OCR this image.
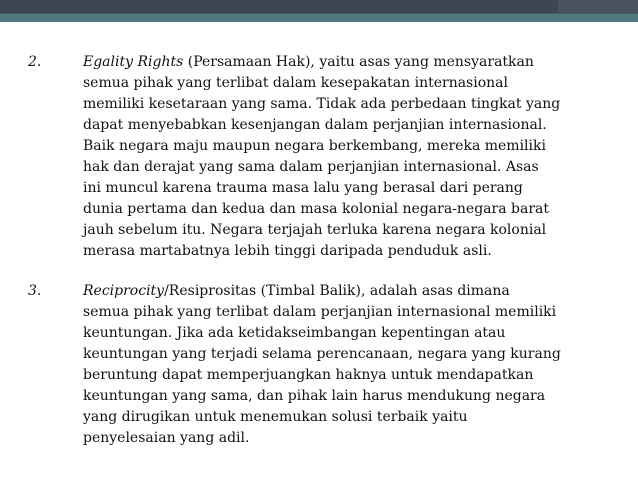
2.	Egality Rights (Persamaan Hak), yaitu asas yang mensyaratkan
semua pihak yang terlibat dalam kesepakatan internasional
memiliki kesetaraan yang sama. Tidak ada perbedaan tingkat yang
dapat menyebabkan kesenjangan dalam perjanjian internasional.
Baik negara maju maupun negara berkembang, mereka memiliki
hak dan derajat yang sama dalam perjanjian internasional. Asas
ini muncul karena trauma masa lalu yang berasal dari perang
dunia pertama dan kedua dan masa kolonial negara-negara barat
jauh sebelum itu. Negara terjajah terluka karena negara kolonial
merasa martabatnya lebih tinggi daripada penduduk asli.
3.	Reciprocity/Resiprositas (Timbal Balik), adalah asas dimana
semua pihak yang terlibat dalam perjanjian internasional memiliki
keuntungan. Jika ada ketidakseimbangan kepentingan atau
keuntungan yang terjadi selama perencanaan, negara yang kurang
beruntung dapat memperjuangkan haknya untuk mendapatkan
keuntungan yang sama, dan pihak lain harus mendukung negara
yang dirugikan untuk menemukan solusi terbaik yaitu
penyelesaian yang adil.
